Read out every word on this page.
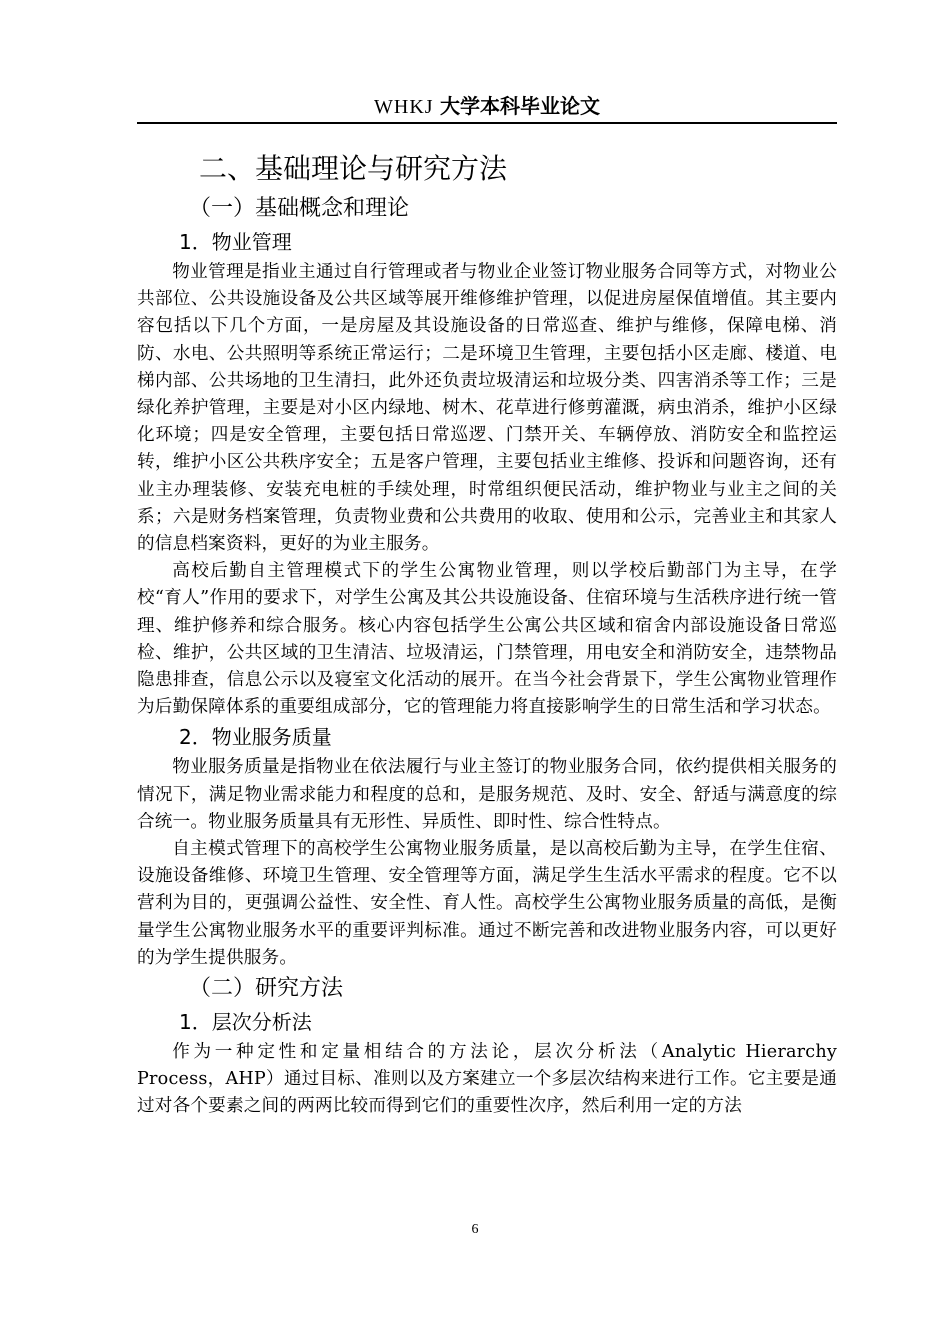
WHKJ 大学本科毕业论文
二、基础理论与研究方法
（一）基础概念和理论
1．物业管理

物业管理是指业主通过自行管理或者与物业企业签订物业服务合同等方式，对物业公共部位、公共设施设备及公共区域等展开维修维护管理，以促进房屋保值增值。其主要内容包括以下几个方面，一是房屋及其设施设备的日常巡查、维护与维修，保障电梯、消防、水电、公共照明等系统正常运行；二是环境卫生管理，主要包括小区走廊、楼道、电梯内部、公共场地的卫生清扫，此外还负责垃圾清运和垃圾分类、四害消杀等工作；三是绿化养护管理，主要是对小区内绿地、树木、花草进行修剪灌溉，病虫消杀，维护小区绿化环境；四是安全管理，主要包括日常巡逻、门禁开关、车辆停放、消防安全和监控运转，维护小区公共秩序安全；五是客户管理，主要包括业主维修、投诉和问题咨询，还有业主办理装修、安装充电桩的手续处理，时常组织便民活动，维护物业与业主之间的关系；六是财务档案管理，负责物业费和公共费用的收取、使用和公示，完善业主和其家人的信息档案资料，更好的为业主服务。

高校后勤自主管理模式下的学生公寓物业管理，则以学校后勤部门为主导，在学校“育人”作用的要求下，对学生公寓及其公共设施设备、住宿环境与生活秩序进行统一管理、维护修养和综合服务。核心内容包括学生公寓公共区域和宿舍内部设施设备日常巡检、维护，公共区域的卫生清洁、垃圾清运，门禁管理，用电安全和消防安全，违禁物品隐患排查，信息公示以及寝室文化活动的展开。在当今社会背景下，学生公寓物业管理作为后勤保障体系的重要组成部分，它的管理能力将直接影响学生的日常生活和学习状态。

2．物业服务质量

物业服务质量是指物业在依法履行与业主签订的物业服务合同，依约提供相关服务的情况下，满足物业需求能力和程度的总和，是服务规范、及时、安全、舒适与满意度的综合统一。物业服务质量具有无形性、异质性、即时性、综合性特点。

自主模式管理下的高校学生公寓物业服务质量，是以高校后勤为主导，在学生住宿、设施设备维修、环境卫生管理、安全管理等方面，满足学生生活水平需求的程度。它不以营利为目的，更强调公益性、安全性、育人性。高校学生公寓物业服务质量的高低，是衡量学生公寓物业服务水平的重要评判标准。通过不断完善和改进物业服务内容，可以更好的为学生提供服务。

（二）研究方法
1．层次分析法

作为一种定性和定量相结合的方法论，层次分析法（Analytic Hierarchy Process，AHP）通过目标、准则以及方案建立一个多层次结构来进行工作。它主要是通过对各个要素之间的两两比较而得到它们的重要性次序，然后利用一定的方法

6
